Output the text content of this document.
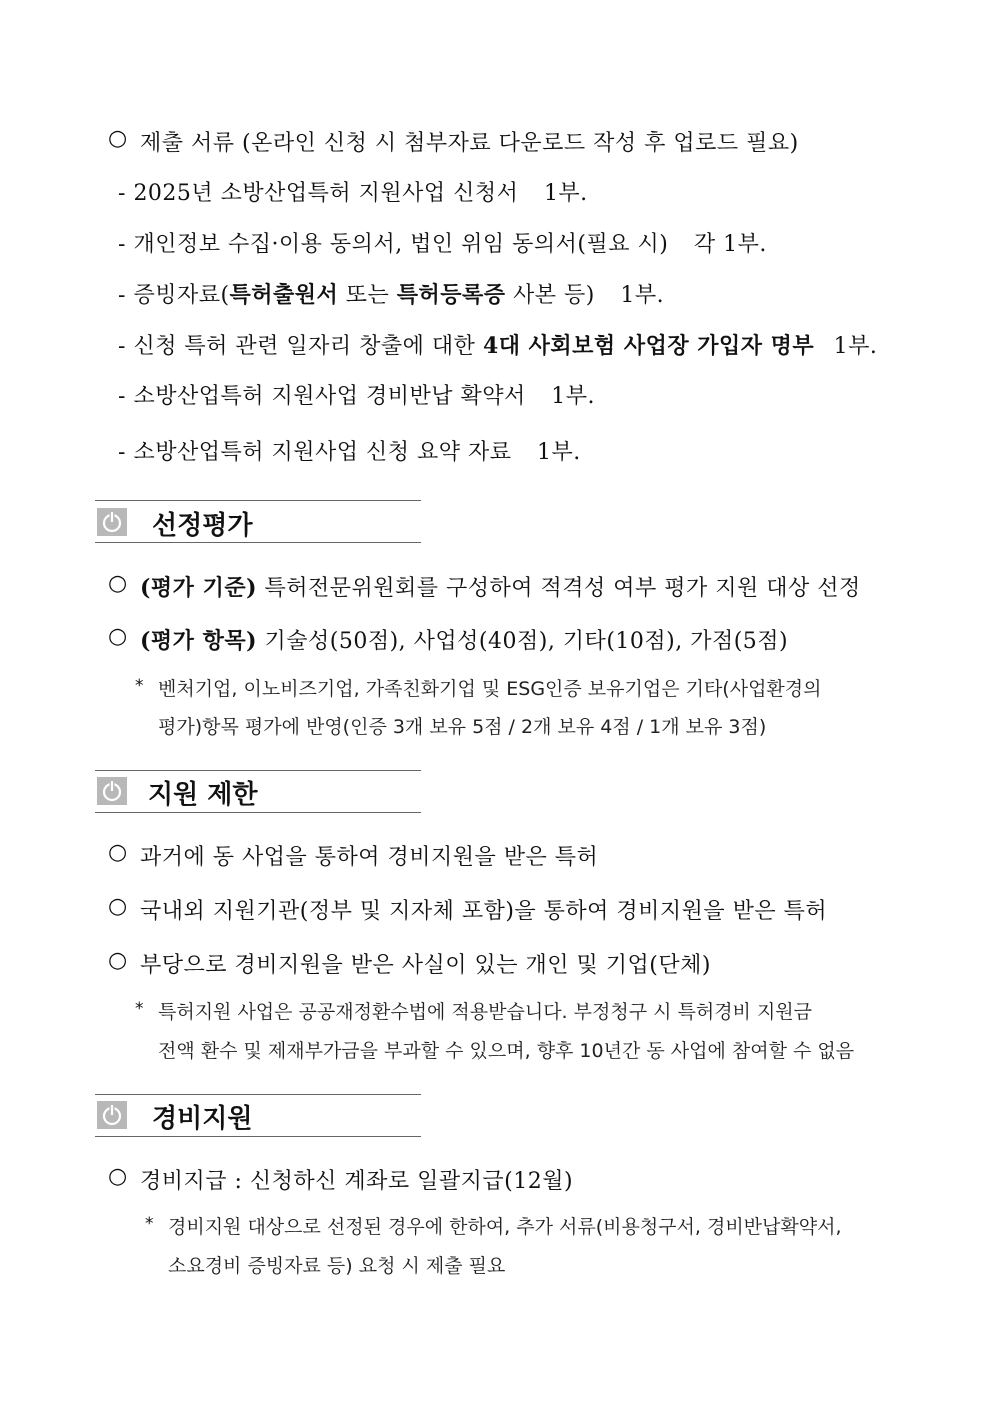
○ 제출 서류 (온라인 신청 시 첨부자료 다운로드 작성 후 업로드 필요)
- 2025년 소방산업특허 지원사업 신청서 1부.
- 개인정보 수집·이용 동의서, 법인 위임 동의서(필요 시) 각 1부.
- 증빙자료(특허출원서 또는 특허등록증 사본 등) 1부.
- 신청 특허 관련 일자리 창출에 대한 4대 사회보험 사업장 가입자 명부 1부.
- 소방산업특허 지원사업 경비반납 확약서 1부.
- 소방산업특허 지원사업 신청 요약 자료 1부.
선정평가
○ (평가 기준) 특허전문위원회를 구성하여 적격성 여부 평가 지원 대상 선정
○ (평가 항목) 기술성(50점), 사업성(40점), 기타(10점), 가점(5점)
* 벤처기업, 이노비즈기업, 가족친화기업 및 ESG인증 보유기업은 기타(사업환경의
평가)항목 평가에 반영(인증 3개 보유 5점 / 2개 보유 4점 / 1개 보유 3점)
지원 제한
○ 과거에 동 사업을 통하여 경비지원을 받은 특허
○ 국내외 지원기관(정부 및 지자체 포함)을 통하여 경비지원을 받은 특허
○ 부당으로 경비지원을 받은 사실이 있는 개인 및 기업(단체)
* 특허지원 사업은 공공재정환수법에 적용받습니다. 부정청구 시 특허경비 지원금
전액 환수 및 제재부가금을 부과할 수 있으며, 향후 10년간 동 사업에 참여할 수 없음
경비지원
○ 경비지급 : 신청하신 계좌로 일괄지급(12월)
* 경비지원 대상으로 선정된 경우에 한하여, 추가 서류(비용청구서, 경비반납확약서,
소요경비 증빙자료 등) 요청 시 제출 필요
